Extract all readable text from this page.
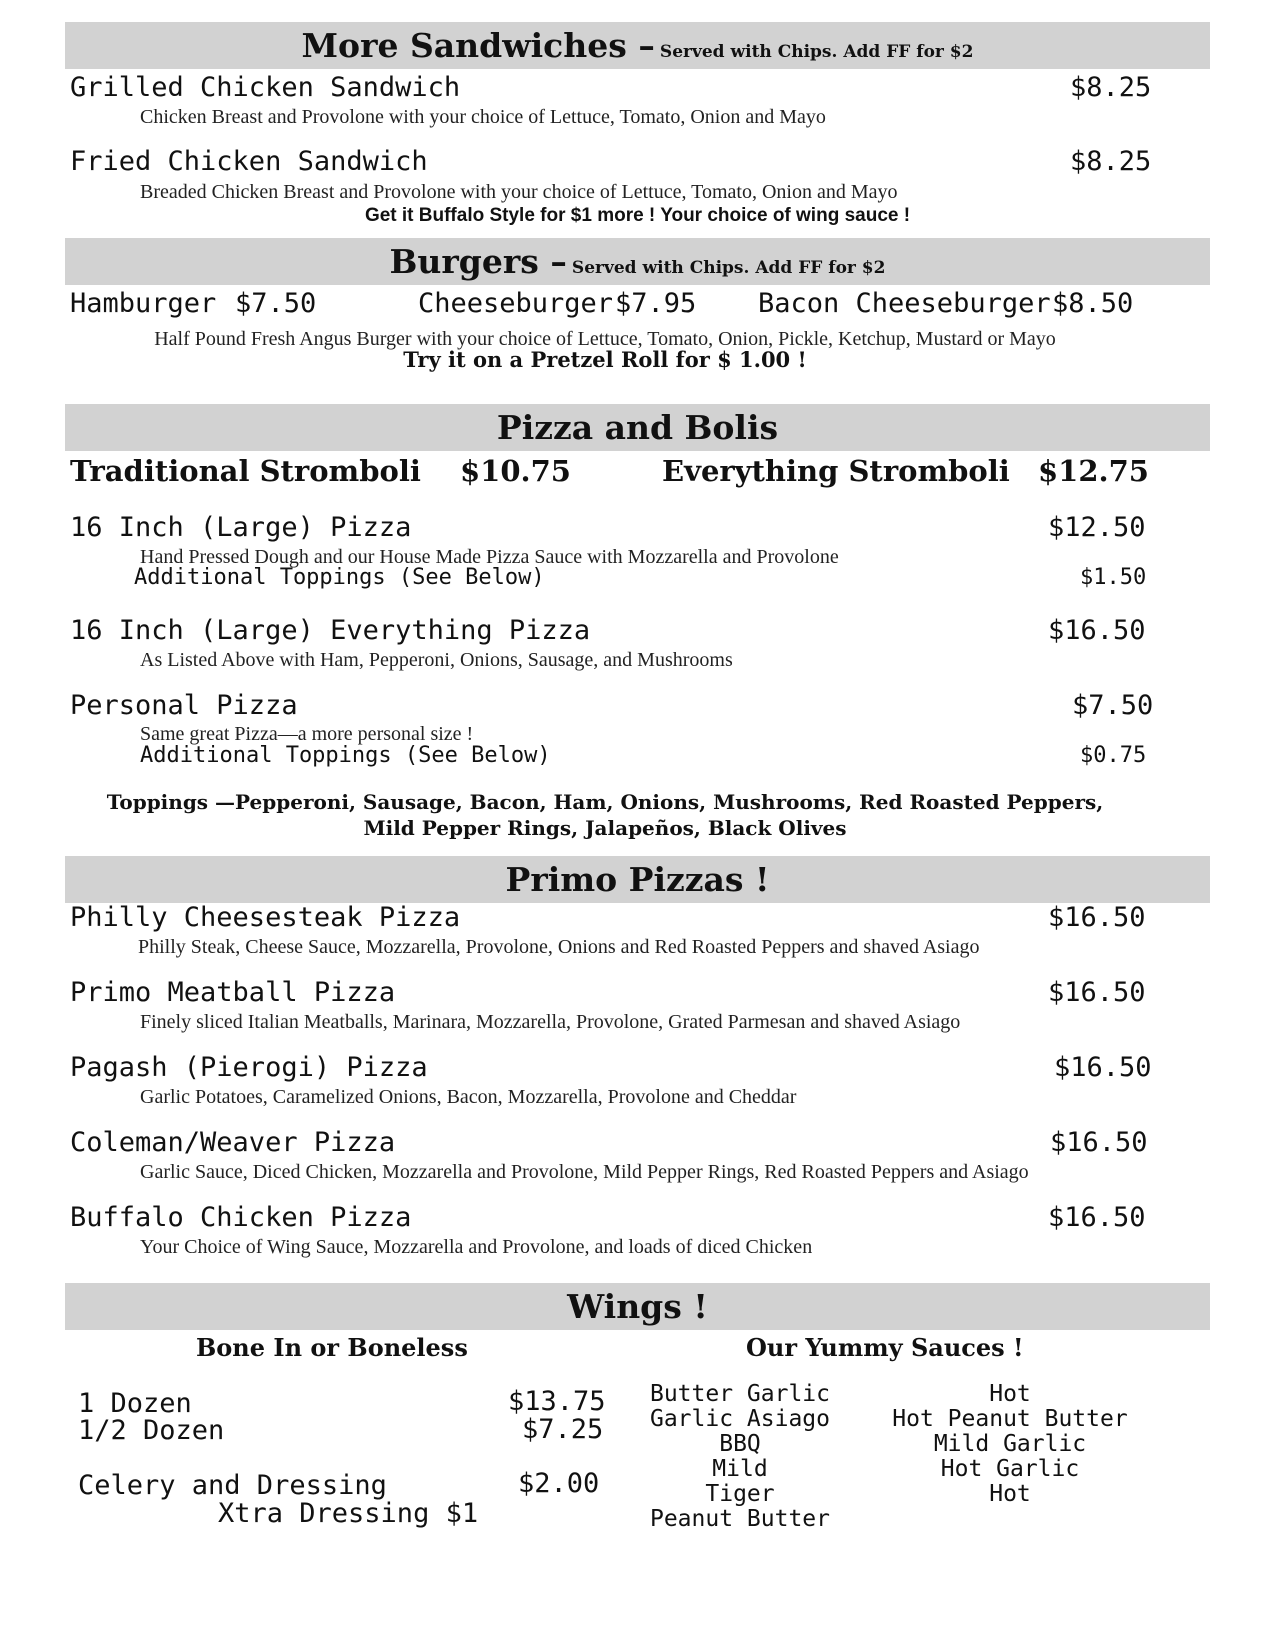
More Sandwiches – Served with Chips. Add FF for $2
Grilled Chicken Sandwich	$8.25
Chicken Breast and Provolone with your choice of Lettuce, Tomato, Onion and Mayo
Fried Chicken Sandwich	$8.25
Breaded Chicken Breast and Provolone with your choice of Lettuce, Tomato, Onion and Mayo
Get it Buffalo Style for $1 more ! Your choice of wing sauce !
Burgers – Served with Chips. Add FF for $2
Hamburger $7.50	Cheeseburger $7.95 Bacon Cheeseburger $8.50
Half Pound Fresh Angus Burger with your choice of Lettuce, Tomato, Onion, Pickle, Ketchup, Mustard or Mayo
Try it on a Pretzel Roll for $ 1.00 !
Pizza and Bolis
Traditional Stromboli $10.75	Everything Stromboli $12.75
16 Inch (Large) Pizza	$12.50
Hand Pressed Dough and our House Made Pizza Sauce with Mozzarella and Provolone
Additional Toppings (See Below)	$1.50
16 Inch (Large) Everything Pizza	$16.50
As Listed Above with Ham, Pepperoni, Onions, Sausage, and Mushrooms
Personal Pizza	$7.50
Same great Pizza—a more personal size !
Additional Toppings (See Below)	$0.75
Toppings —Pepperoni, Sausage, Bacon, Ham, Onions, Mushrooms, Red Roasted Peppers,
Mild Pepper Rings, Jalapeños, Black Olives
Primo Pizzas !
Philly Cheesesteak Pizza	$16.50
Philly Steak, Cheese Sauce, Mozzarella, Provolone, Onions and Red Roasted Peppers and shaved Asiago
Primo Meatball Pizza	$16.50
Finely sliced Italian Meatballs, Marinara, Mozzarella, Provolone, Grated Parmesan and shaved Asiago
Pagash (Pierogi) Pizza	$16.50
Garlic Potatoes, Caramelized Onions, Bacon, Mozzarella, Provolone and Cheddar
Coleman/Weaver Pizza	$16.50
Garlic Sauce, Diced Chicken, Mozzarella and Provolone, Mild Pepper Rings, Red Roasted Peppers and Asiago
Buffalo Chicken Pizza	$16.50
Your Choice of Wing Sauce, Mozzarella and Provolone, and loads of diced Chicken
Wings !
Bone In or Boneless	Our Yummy Sauces !
1 Dozen	$13.75
1/2 Dozen	$7.25
Celery and Dressing	$2.00
Xtra Dressing $1
Butter Garlic
Garlic Asiago
BBQ
Mild
Tiger
Peanut Butter
Hot
Hot Peanut Butter
Mild Garlic
Hot Garlic
Hot
